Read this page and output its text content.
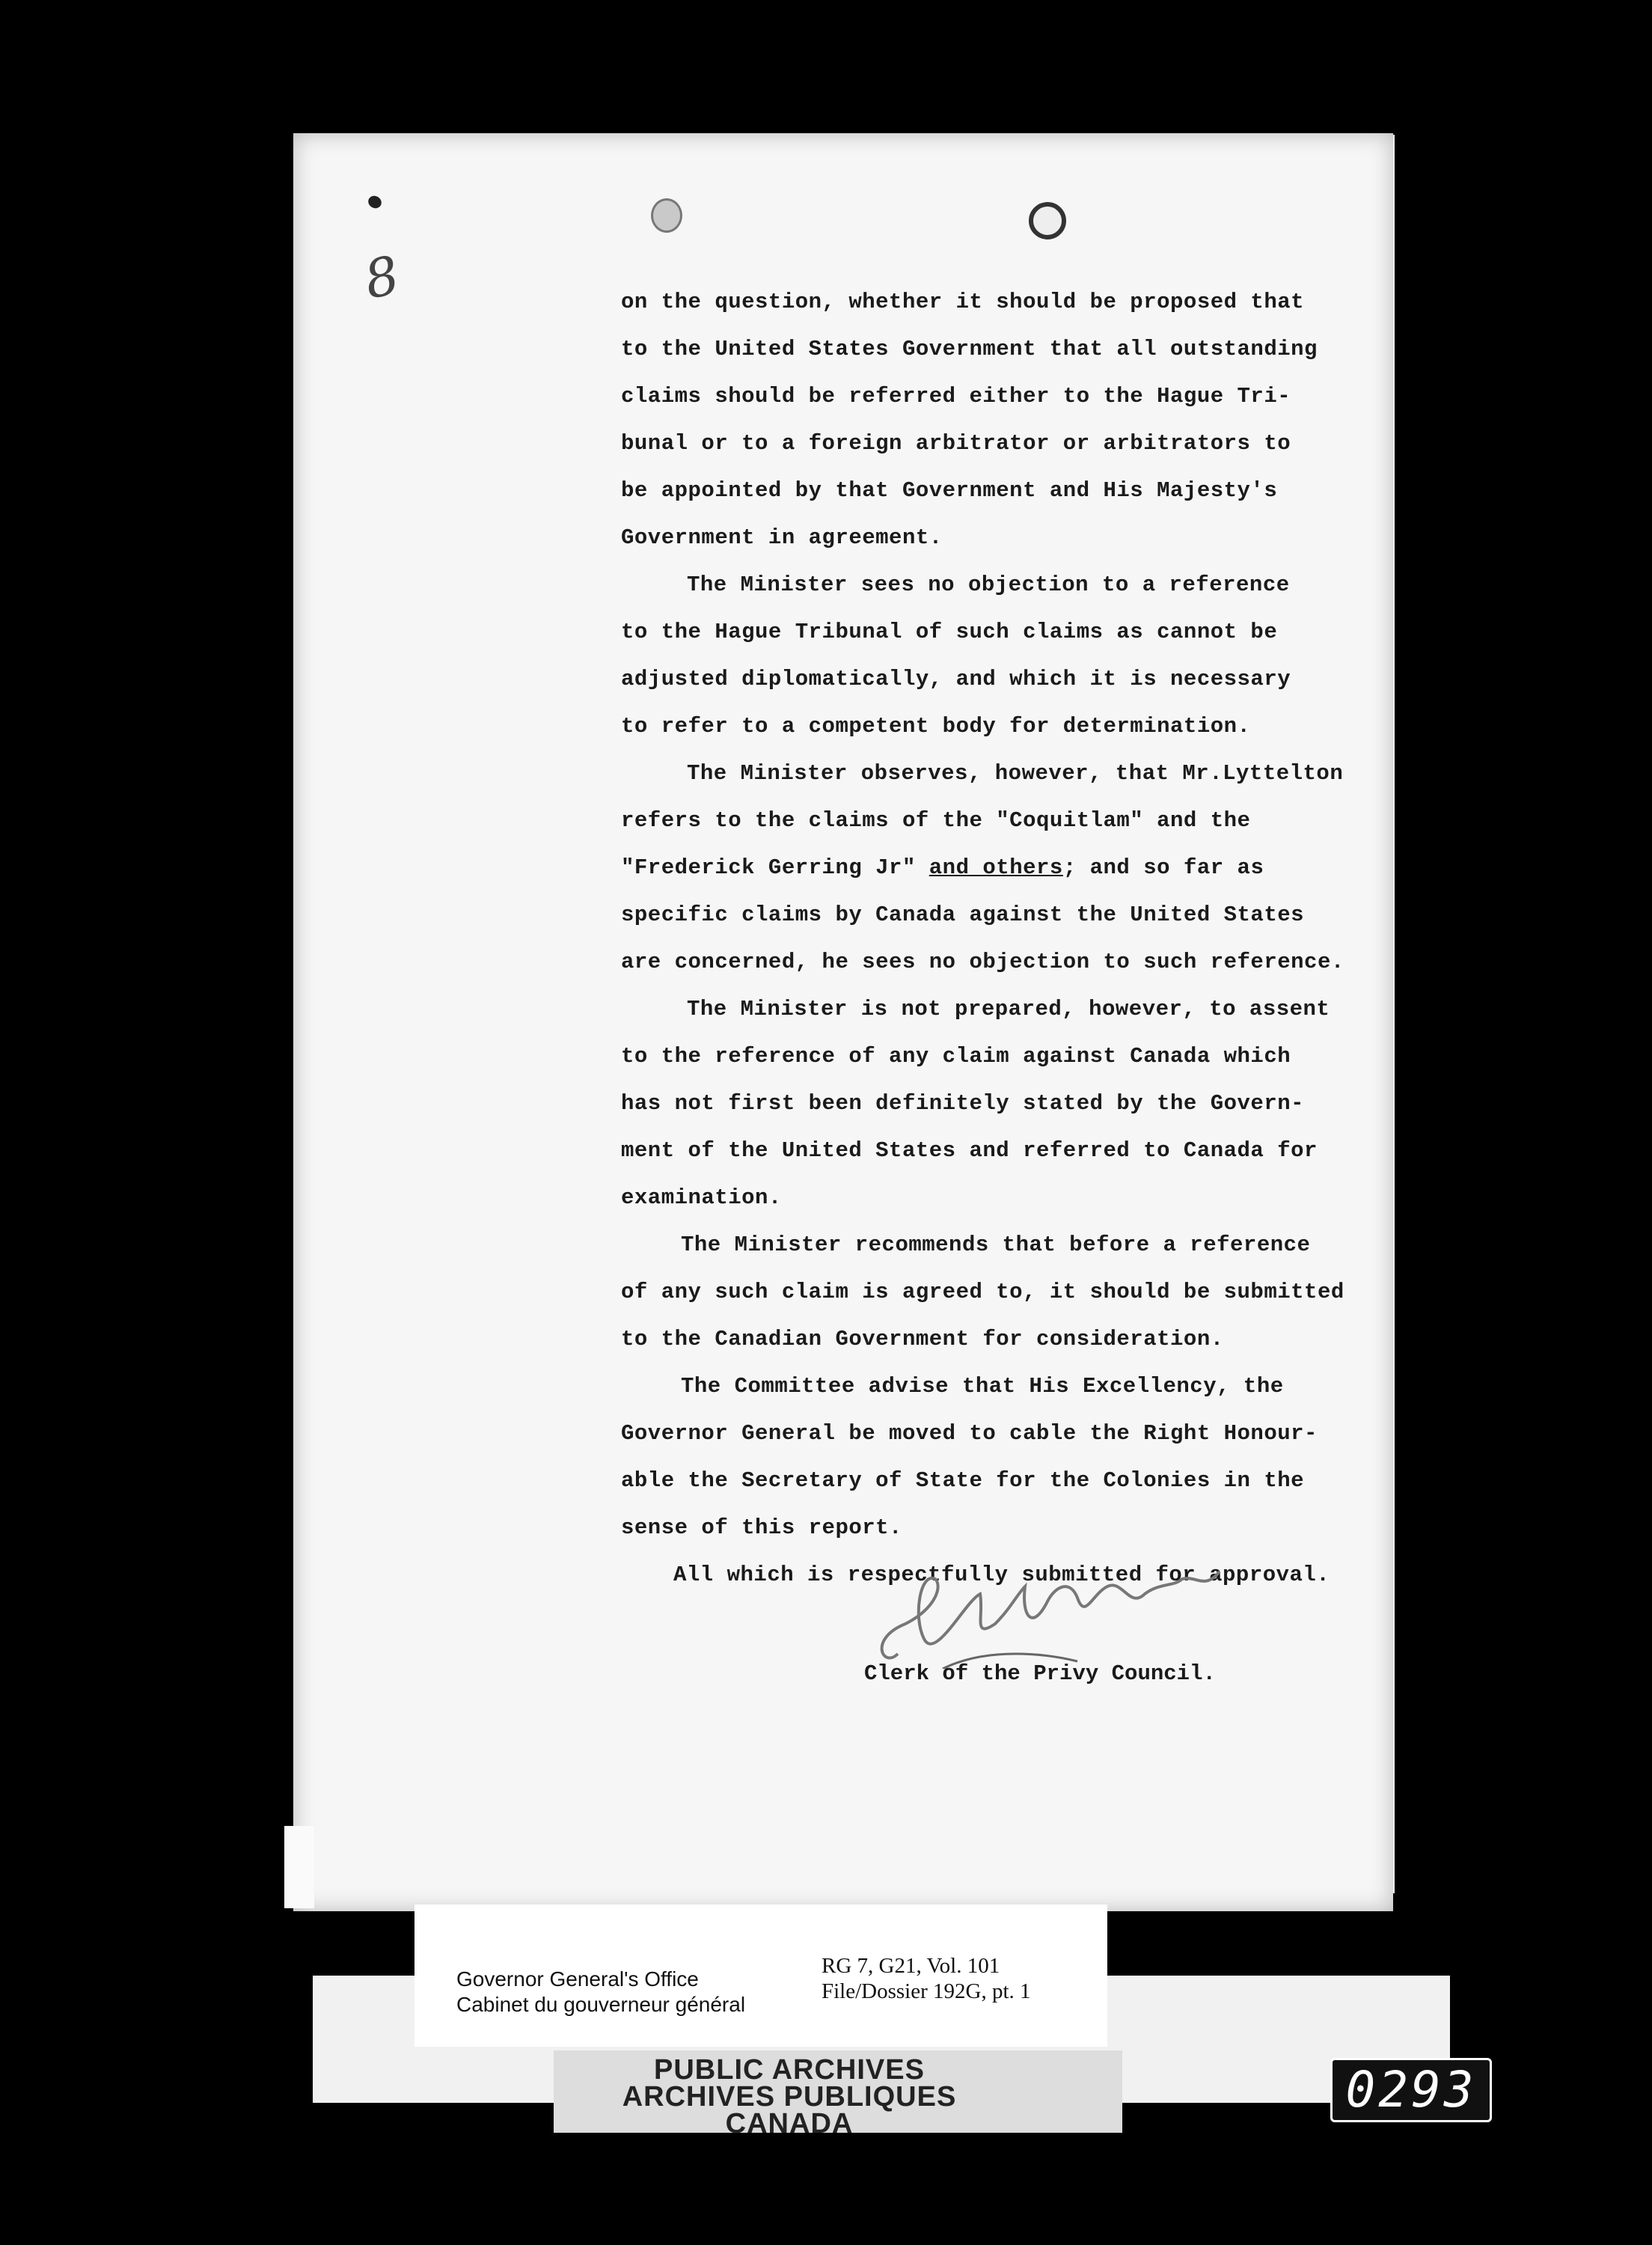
8	on the question, whether it should be proposed that
to the United States Government that all outstanding
claims should be referred either to the Hague Tri-
bunal or to a foreign arbitrator or arbitrators to
be appointed by that Government and His Majesty's
Government in agreement.
The Minister sees no objection to a reference
to the Hague Tribunal of such claims as cannot be
adjusted diplomatically, and which it is necessary
to refer to a competent body for determination.
The Minister observes, however, that Mr.Lyttelton
refers to the claims of the "Coquitlam" and the
"Frederick Gerring Jr" and others; and so far as
specific claims by Canada against the United States
are concerned, he sees no objection to such reference.
The Minister is not prepared, however, to assent
to the reference of any claim against Canada which
has not first been definitely stated by the Govern-
ment of the United States and referred to Canada for
examination.
The Minister recommends that before a reference
of any such claim is agreed to, it should be submitted
to the Canadian Government for consideration.
The Committee advise that His Excellency, the
Governor General be moved to cable the Right Honour-
able the Secretary of State for the Colonies in the
sense of this report.
All which is respectfully submitted for approval.
Clerk of the Privy Council.
Governor General's Office
Cabinet du gouverneur général
RG 7, G21, Vol. 101
File/Dossier 192G, pt. 1
PUBLIC ARCHIVES
ARCHIVES PUBLIQUES
CANADA
0293
